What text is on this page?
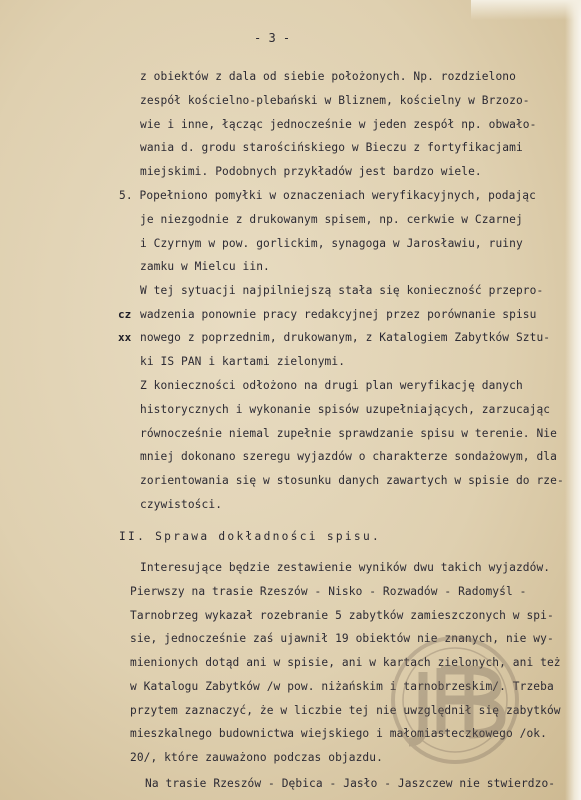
- 3 -
z obiektów z dala od siebie położonych. Np. rozdzielono
zespół kościelno-plebański w Bliznem, kościelny w Brzozo-
wie i inne, łącząc jednocześnie w jeden zespół np. obwało-
wania d. grodu starościńskiego w Bieczu z fortyfikacjami
miejskimi. Podobnych przykładów jest bardzo wiele.
5. Popełniono pomyłki w oznaczeniach weryfikacyjnych, podając
je niezgodnie z drukowanym spisem, np. cerkwie w Czarnej
i Czyrnym w pow. gorlickim, synagoga w Jarosławiu, ruiny
zamku w Mielcu iin.
W tej sytuacji najpilniejszą stała się konieczność przepro-
cz wadzenia ponownie pracy redakcyjnej przez porównanie spisu
xx nowego z poprzednim, drukowanym, z Katalogiem Zabytków Sztu-
ki IS PAN i kartami zielonymi.
Z konieczności odłożono na drugi plan weryfikację danych
historycznych i wykonanie spisów uzupełniających, zarzucając
równocześnie niemal zupełnie sprawdzanie spisu w terenie. Nie
mniej dokonano szeregu wyjazdów o charakterze sondażowym, dla
zorientowania się w stosunku danych zawartych w spisie do rze-
czywistości.
II. Sprawa dokładności spisu.
Interesujące będzie zestawienie wyników dwu takich wyjazdów.
Pierwszy na trasie Rzeszów - Nisko - Rozwadów - Radomyśl -
Tarnobrzeg wykazał rozebranie 5 zabytków zamieszczonych w spi-
sie, jednocześnie zaś ujawnił 19 obiektów nie znanych, nie wy-
mienionych dotąd ani w spisie, ani w kartach zielonych, ani też
w Katalogu Zabytków /w pow. niżańskim i tarnobrzeskim/. Trzeba
przytem zaznaczyć, że w liczbie tej nie uwzględnił się zabytków
mieszkalnego budownictwa wiejskiego i małomiasteczkowego /ok.
20/, które zauważono podczas objazdu.
Na trasie Rzeszów - Dębica - Jasło - Jaszczew nie stwierdzo-
